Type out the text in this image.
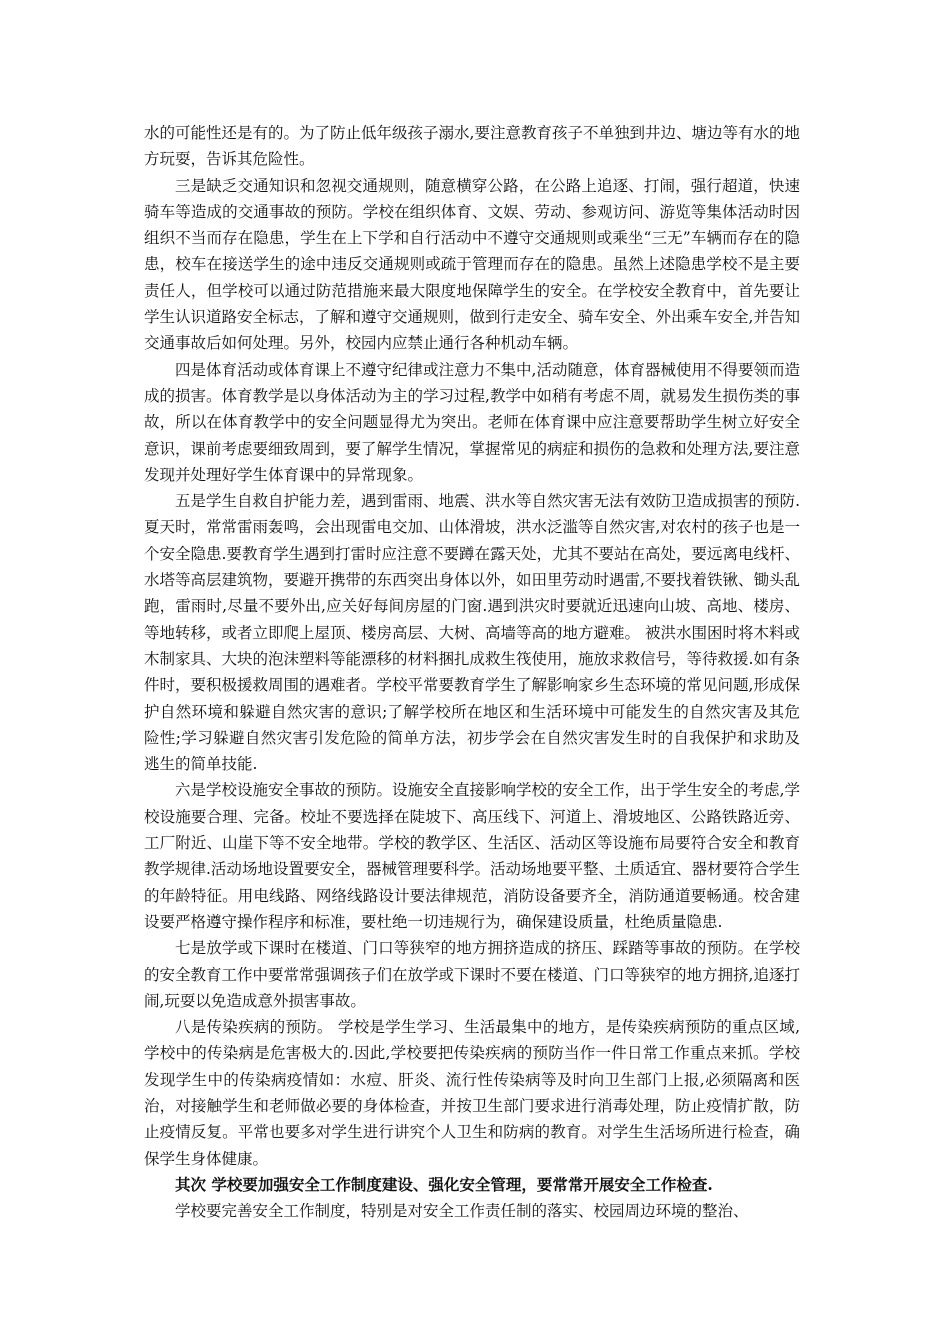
水的可能性还是有的。为了防止低年级孩子溺水,要注意教育孩子不单独到井边、塘边等有水的地方玩耍，告诉其危险性。

三是缺乏交通知识和忽视交通规则，随意横穿公路，在公路上追逐、打闹，强行超道，快速骑车等造成的交通事故的预防。学校在组织体育、文娱、劳动、参观访问、游览等集体活动时因组织不当而存在隐患，学生在上下学和自行活动中不遵守交通规则或乘坐“三无”车辆而存在的隐患，校车在接送学生的途中违反交通规则或疏于管理而存在的隐患。虽然上述隐患学校不是主要责任人，但学校可以通过防范措施来最大限度地保障学生的安全。在学校安全教育中，首先要让学生认识道路安全标志，了解和遵守交通规则，做到行走安全、骑车安全、外出乘车安全,并告知交通事故后如何处理。另外，校园内应禁止通行各种机动车辆。

四是体育活动或体育课上不遵守纪律或注意力不集中,活动随意，体育器械使用不得要领而造成的损害。体育教学是以身体活动为主的学习过程,教学中如稍有考虑不周，就易发生损伤类的事故，所以在体育教学中的安全问题显得尤为突出。老师在体育课中应注意要帮助学生树立好安全意识，课前考虑要细致周到，要了解学生情况，掌握常见的病症和损伤的急救和处理方法,要注意发现并处理好学生体育课中的异常现象。

五是学生自救自护能力差，遇到雷雨、地震、洪水等自然灾害无法有效防卫造成损害的预防.夏天时，常常雷雨轰鸣，会出现雷电交加、山体滑坡，洪水泛滥等自然灾害,对农村的孩子也是一个安全隐患.要教育学生遇到打雷时应注意不要蹲在露天处，尤其不要站在高处，要远离电线杆、水塔等高层建筑物，要避开携带的东西突出身体以外，如田里劳动时遇雷,不要找着铁锹、锄头乱跑，雷雨时,尽量不要外出,应关好每间房屋的门窗.遇到洪灾时要就近迅速向山坡、高地、楼房、等地转移，或者立即爬上屋顶、楼房高层、大树、高墙等高的地方避难。 被洪水围困时将木料或木制家具、大块的泡沫塑料等能漂移的材料捆扎成救生筏使用，施放求救信号，等待救援.如有条件时，要积极援救周围的遇难者。学校平常要教育学生了解影响家乡生态环境的常见问题,形成保护自然环境和躲避自然灾害的意识;了解学校所在地区和生活环境中可能发生的自然灾害及其危险性;学习躲避自然灾害引发危险的简单方法，初步学会在自然灾害发生时的自我保护和求助及逃生的简单技能.

六是学校设施安全事故的预防。设施安全直接影响学校的安全工作，出于学生安全的考虑,学校设施要合理、完备。校址不要选择在陡坡下、高压线下、河道上、滑坡地区、公路铁路近旁、工厂附近、山崖下等不安全地带。学校的教学区、生活区、活动区等设施布局要符合安全和教育教学规律.活动场地设置要安全，器械管理要科学。活动场地要平整、土质适宜、器材要符合学生的年龄特征。用电线路、网络线路设计要法律规范，消防设备要齐全，消防通道要畅通。校舍建设要严格遵守操作程序和标准，要杜绝一切违规行为，确保建设质量，杜绝质量隐患.

七是放学或下课时在楼道、门口等狭窄的地方拥挤造成的挤压、踩踏等事故的预防。在学校的安全教育工作中要常常强调孩子们在放学或下课时不要在楼道、门口等狭窄的地方拥挤,追逐打闹,玩耍以免造成意外损害事故。

八是传染疾病的预防。 学校是学生学习、生活最集中的地方，是传染疾病预防的重点区域,学校中的传染病是危害极大的.因此,学校要把传染疾病的预防当作一件日常工作重点来抓。学校发现学生中的传染病疫情如：水痘、肝炎、流行性传染病等及时向卫生部门上报,必须隔离和医治，对接触学生和老师做必要的身体检查，并按卫生部门要求进行消毒处理，防止疫情扩散，防止疫情反复。平常也要多对学生进行讲究个人卫生和防病的教育。对学生生活场所进行检查，确保学生身体健康。

其次 学校要加强安全工作制度建设、强化安全管理，要常常开展安全工作检查.

学校要完善安全工作制度，特别是对安全工作责任制的落实、校园周边环境的整治、
